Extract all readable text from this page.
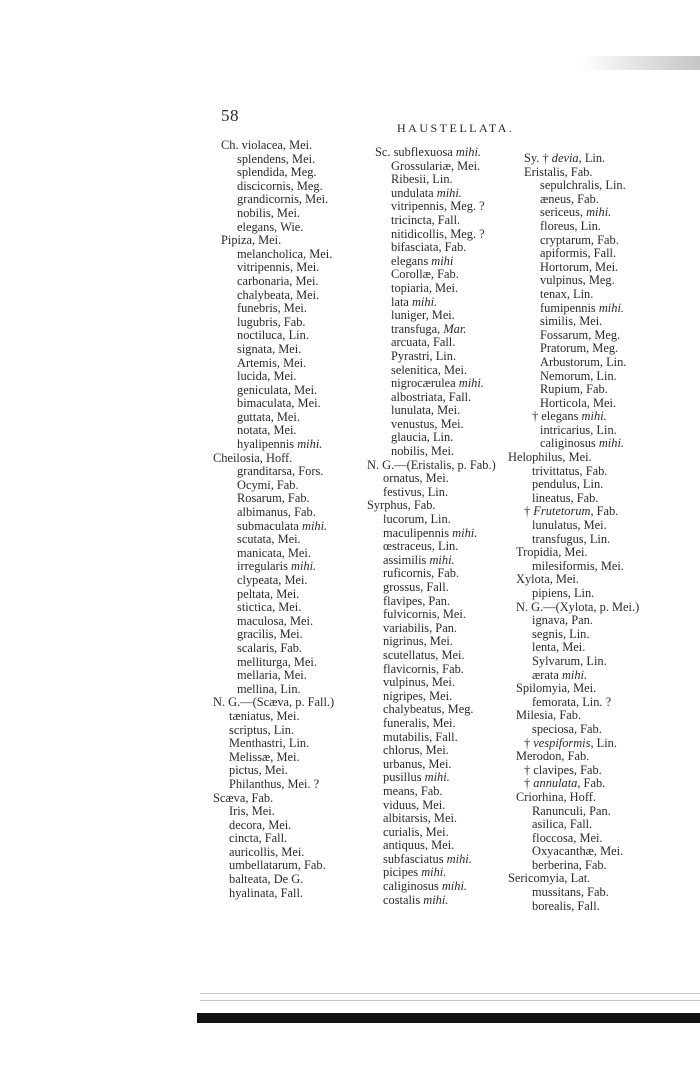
58
HAUSTELLATA.
Ch. violacea, Mei.
splendens, Mei.
splendida, Meg.
discicornis, Meg.
grandicornis, Mei.
nobilis, Mei.
elegans, Wie.
Pipiza, Mei.
melancholica, Mei.
vitripennis, Mei.
carbonaria, Mei.
chalybeata, Mei.
funebris, Mei.
lugubris, Fab.
noctiluca, Lin.
signata, Mei.
Artemis, Mei.
lucida, Mei.
geniculata, Mei.
bimaculata, Mei.
guttata, Mei.
notata, Mei.
hyalipennis mihi.
Cheilosia, Hoff.
granditarsa, Fors.
Ocymi, Fab.
Rosarum, Fab.
albimanus, Fab.
submaculata mihi.
scutata, Mei.
manicata, Mei.
irregularis mihi.
clypeata, Mei.
peltata, Mei.
stictica, Mei.
maculosa, Mei.
gracilis, Mei.
scalaris, Fab.
melliturga, Mei.
mellaria, Mei.
mellina, Lin.
N. G.—(Scæva, p. Fall.)
tæniatus, Mei.
scriptus, Lin.
Menthastri, Lin.
Melissæ, Mei.
pictus, Mei.
Philanthus, Mei. ?
Scæva, Fab.
Iris, Mei.
decora, Mei.
cincta, Fall.
auricollis, Mei.
umbellatarum, Fab.
balteata, De G.
hyalinata, Fall.
Sc. subflexuosa mihi.
Grossulariæ, Mei.
Ribesii, Lin.
undulata mihi.
vitripennis, Meg. ?
tricincta, Fall.
nitidicollis, Meg. ?
bifasciata, Fab.
elegans mihi
Corollæ, Fab.
topiaria, Mei.
lata mihi.
luniger, Mei.
transfuga, Mar.
arcuata, Fall.
Pyrastri, Lin.
selenitica, Mei.
nigrocærulea mihi.
albostriata, Fall.
lunulata, Mei.
venustus, Mei.
glaucia, Lin.
nobilis, Mei.
N. G.—(Eristalis, p. Fab.)
ornatus, Mei.
festivus, Lin.
Syrphus, Fab.
lucorum, Lin.
maculipennis mihi.
œstraceus, Lin.
assimilis mihi.
ruficornis, Fab.
grossus, Fall.
flavipes, Pan.
fulvicornis, Mei.
variabilis, Pan.
nigrinus, Mei.
scutellatus, Mei.
flavicornis, Fab.
vulpinus, Mei.
nigripes, Mei.
chalybeatus, Meg.
funeralis, Mei.
mutabilis, Fall.
chlorus, Mei.
urbanus, Mei.
pusillus mihi.
means, Fab.
viduus, Mei.
albitarsis, Mei.
curialis, Mei.
antiquus, Mei.
subfasciatus mihi.
picipes mihi.
caliginosus mihi.
costalis mihi.
Sy. † devia, Lin.
Eristalis, Fab.
sepulchralis, Lin.
æneus, Fab.
sericeus, mihi.
floreus, Lin.
cryptarum, Fab.
apiformis, Fall.
Hortorum, Mei.
vulpinus, Meg.
tenax, Lin.
fumipennis mihi.
similis, Mei.
Fossarum, Meg.
Pratorum, Meg.
Arbustorum, Lin.
Nemorum, Lin.
Rupium, Fab.
Horticola, Mei.
† elegans mihi.
intricarius, Lin.
caliginosus mihi.
Helophilus, Mei.
trivittatus, Fab.
pendulus, Lin.
lineatus, Fab.
† Frutetorum, Fab.
lunulatus, Mei.
transfugus, Lin.
Tropidia, Mei.
milesiformis, Mei.
Xylota, Mei.
pipiens, Lin.
N. G.—(Xylota, p. Mei.)
ignava, Pan.
segnis, Lin.
lenta, Mei.
Sylvarum, Lin.
ærata mihi.
Spilomyia, Mei.
femorata, Lin. ?
Milesia, Fab.
speciosa, Fab.
† vespiformis, Lin.
Merodon, Fab.
† clavipes, Fab.
† annulata, Fab.
Criorhina, Hoff.
Ranunculi, Pan.
asilica, Fall.
floccosa, Mei.
Oxyacanthæ, Mei.
berberina, Fab.
Sericomyia, Lat.
mussitans, Fab.
borealis, Fall.
